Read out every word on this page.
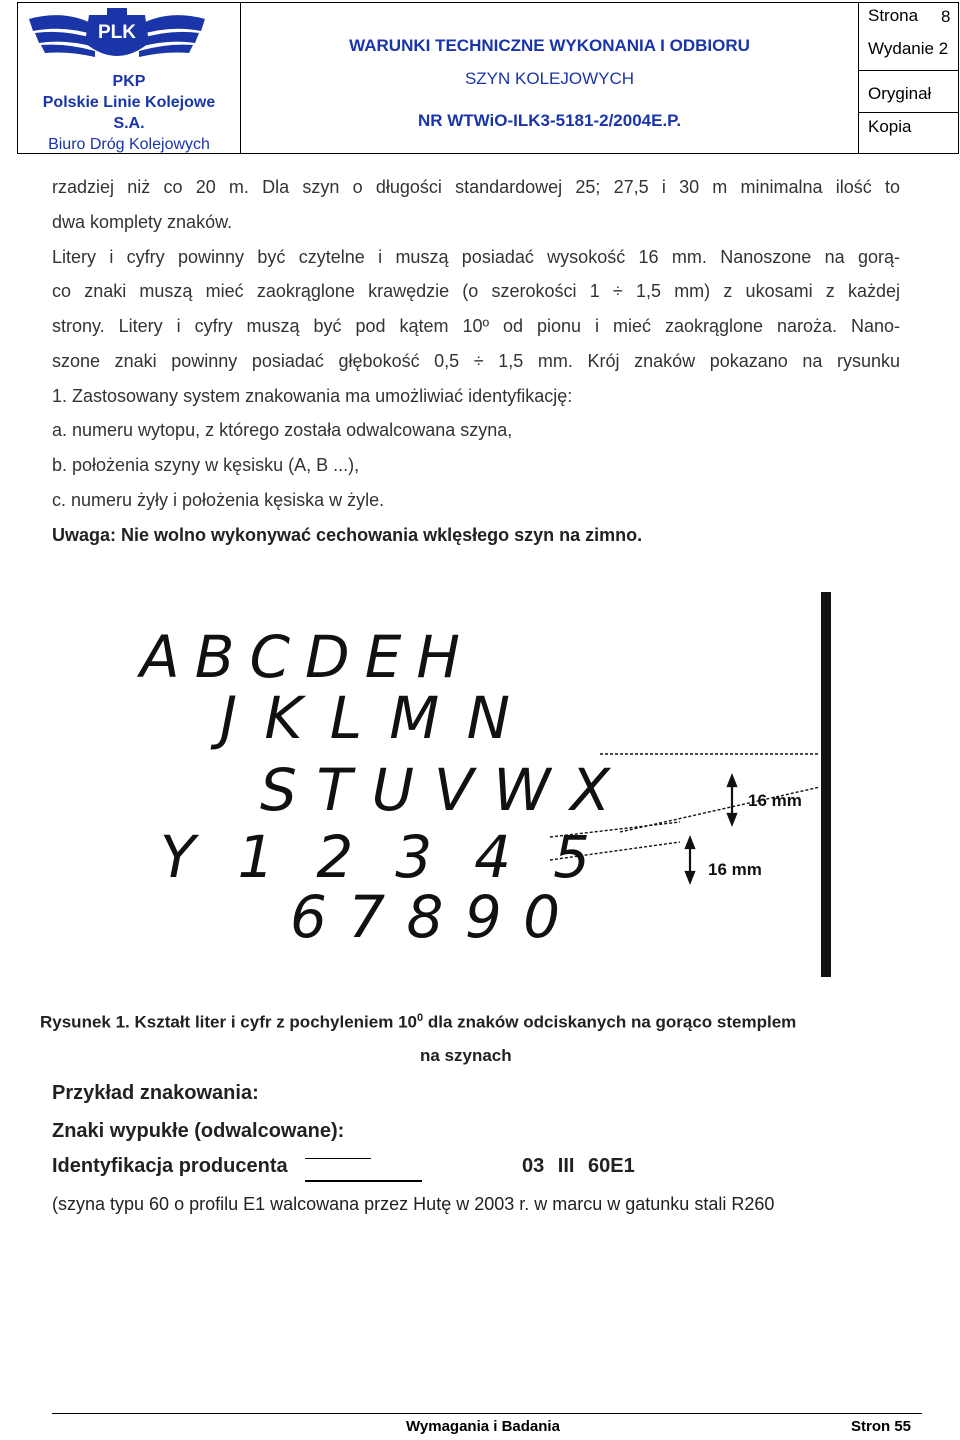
PLK
PKP
Polskie Linie Kolejowe
S.A.
Biuro Dróg Kolejowych
WARUNKI TECHNICZNE WYKONANIA I ODBIORU
SZYN KOLEJOWYCH
NR WTWiO-ILK3-5181-2/2004E.P.
Strona 8
Wydanie 2
Oryginał
Kopia
rzadziej niż co 20 m. Dla szyn o długości standardowej 25; 27,5 i 30 m minimalna ilość to
dwa komplety znaków.
Litery i cyfry powinny być czytelne i muszą posiadać wysokość 16 mm. Nanoszone na gorą-
co znaki muszą mieć zaokrąglone krawędzie (o szerokości 1 ÷ 1,5 mm) z ukosami z każdej
strony. Litery i cyfry muszą być pod kątem 10º od pionu i mieć zaokrąglone naroża. Nano-
szone znaki powinny posiadać głębokość 0,5 ÷ 1,5 mm. Krój znaków pokazano na rysunku
1. Zastosowany system znakowania ma umożliwiać identyfikację:
a. numeru wytopu, z którego została odwalcowana szyna,
b. położenia szyny w kęsisku (A, B ...),
c. numeru żyły i położenia kęsiska w żyle.
Uwaga: Nie wolno wykonywać cechowania wklęsłego szyn na zimno.
A B C D E H
J K L M N
S T U V W X
Y 1 2 3 4 5
6 7 8 9 0
16 mm
16 mm
Rysunek 1. Kształt liter i cyfr z pochyleniem $10^0$ dla znaków odciskanych na gorąco stemplem
na szynach
Przykład znakowania:
Znaki wypukłe (odwalcowane):
Identyfikacja producenta	03 III 60E1
(szyna typu 60 o profilu E1 walcowana przez Hutę w 2003 r. w marcu w gatunku stali R260
Wymagania i Badania	Stron 55
